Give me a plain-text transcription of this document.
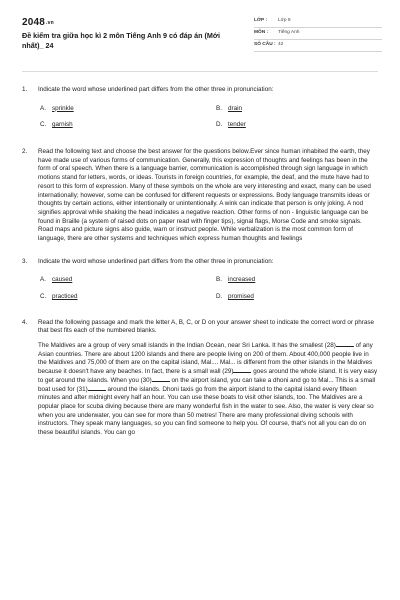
2048.vn
Đề kiểm tra giữa học kì 2 môn Tiếng Anh 9 có đáp án (Mới nhất)_ 24
LỚP : Lớp 9
MÔN : Tiếng Anh
SỐ CÂU : 42
1. Indicate the word whose underlined part differs from the other three in pronunciation:
A. sprinkle	B. drain
C. garnish	D. tender
2. Read the following text and choose the best answer for the questions below.Ever since human inhabited the earth, they have made use of various forms of communication. Generally, this expression of thoughts and feelings has been in the form of oral speech. When there is a language barrier, communication is accomplished through sign language in which motions stand for letters, words, or ideas. Tourists in foreign countries, for example, the deaf, and the mute have had to resort to this form of expression. Many of these symbols on the whole are very interesting and exact, many can be used internationally; however, some can be confused for different requests or expressions. Body language transmits ideas or thoughts by certain actions, either intentionally or unintentionally. A wink can indicate that person is only joking. A nod signifies approval while shaking the head indicates a negative reaction. Other forms of non - linguistic language can be found in Braille (a system of raised dots on paper read with finger tips), signal flags, Morse Code and smoke signals. Road maps and picture signs also guide, warn or instruct people. While verbalization is the most common form of language, there are other systems and techniques which express human thoughts and feelings
3. Indicate the word whose underlined part differs from the other three in pronunciation:
A. caused	B. increased
C. practiced	D. promised
4. Read the following passage and mark the letter A, B, C, or D on your answer sheet to indicate the correct word or phrase that best fits each of the numbered blanks.
The Maldives are a group of very small islands in the Indian Ocean, near Sri Lanka. It has the smallest (28)	of any Asian countries. There are about 1200 islands and there are people living on 200 of them. About 400,000 people live in the Maldives and 75,000 of them are on the capital island, Mal.... Mal... is different from the other islands in the Maldives because it doesn't have any beaches. In fact, there is a small wall (29)	goes around the whole island. It is very easy to get around the islands. When you (30)	on the airport island, you can take a dhoni and go to Mal... This is a small boat used for (31)	around the islands. Dhoni taxis go from the airport island to the capital island every fifteen minutes and after midnight every half an hour. You can use these boats to visit other islands, too. The Maldives are a popular place for scuba diving because there are many wonderful fish in the water to see. Also, the water is very clear so when you are underwater, you can see for more than 50 metres! There are many professional diving schools with instructors. They speak many languages, so you can find someone to help you. Of course, that's not all you can do on these beautiful islands. You can go
